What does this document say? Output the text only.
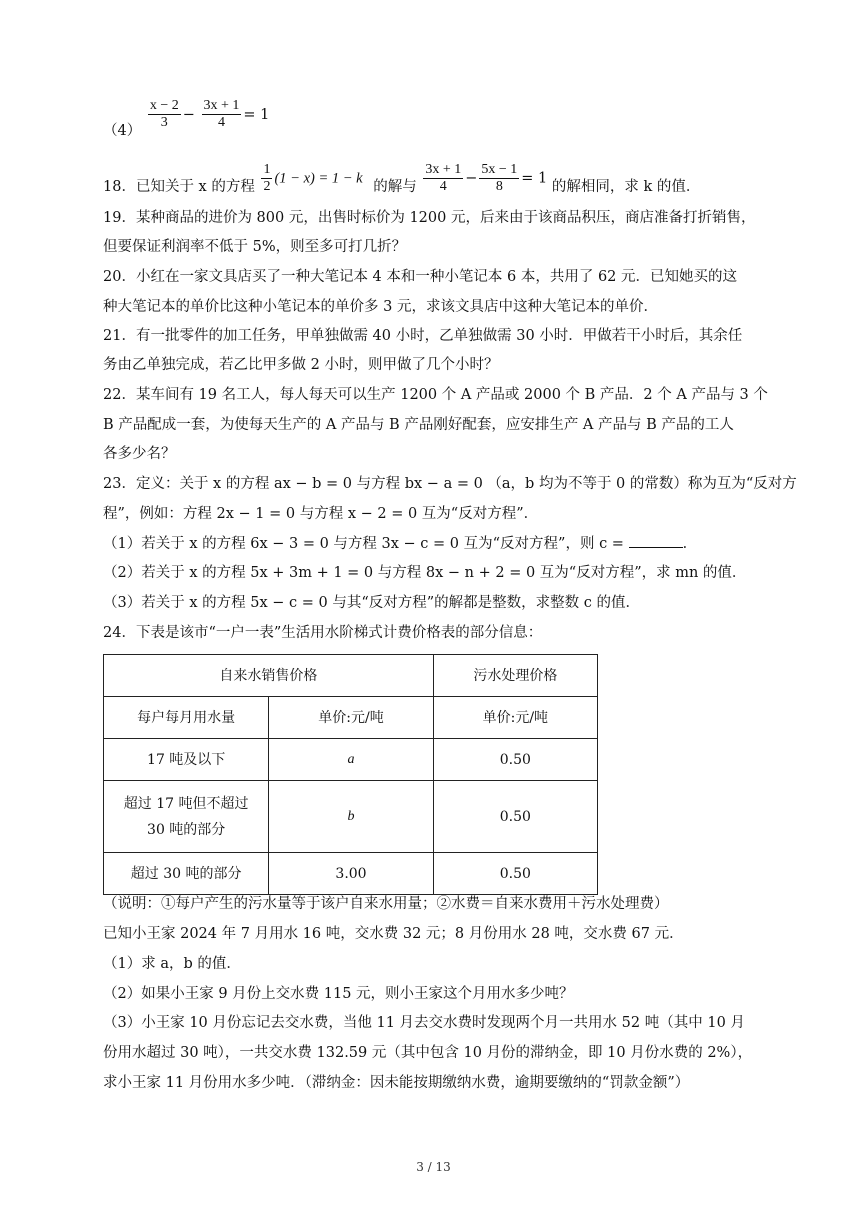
$(4) \frac{x - 2}{3} - \frac{3x + 1}{4} = 1$
18．已知关于 x 的方程 $\frac{1}{2} (1 - x) = 1 - k$ 的解与 $\frac{3x + 1}{4} - \frac{5x - 1}{8} = 1$ 的解相同，求 k 的值．
19．某种商品的进价为 800 元，出售时标价为 1200 元，后来由于该商品积压，商店准备打折销售，
但要保证利润率不低于 5%，则至多可打几折？
20．小红在一家文具店买了一种大笔记本 4 本和一种小笔记本 6 本，共用了 62 元．已知她买的这
种大笔记本的单价比这种小笔记本的单价多 3 元，求该文具店中这种大笔记本的单价．
21．有一批零件的加工任务，甲单独做需 40 小时，乙单独做需 30 小时．甲做若干小时后，其余任
务由乙单独完成，若乙比甲多做 2 小时，则甲做了几个小时？
22．某车间有 19 名工人，每人每天可以生产 1200 个 A 产品或 2000 个 B 产品．2 个 A 产品与 3 个
B 产品配成一套，为使每天生产的 A 产品与 B 产品刚好配套，应安排生产 A 产品与 B 产品的工人
各多少名？
23．定义：关于 x 的方程 ax − b = 0 与方程 bx − a = 0 （a，b 均为不等于 0 的常数）称为互为“反对方
程”，例如：方程 2x − 1 = 0 与方程 x − 2 = 0 互为“反对方程”．
（1）若关于 x 的方程 6x − 3 = 0 与方程 3x − c = 0 互为“反对方程”，则 c =	．
（2）若关于 x 的方程 5x + 3m + 1 = 0 与方程 8x − n + 2 = 0 互为“反对方程”，求 mn 的值．
（3）若关于 x 的方程 5x − c = 0 与其“反对方程”的解都是整数，求整数 c 的值．
24．下表是该市“一户一表”生活用水阶梯式计费价格表的部分信息：
自来水销售价格		污水处理价格
每户每月用水量	单价:元/吨	单价:元/吨
17 吨及以下	a	0.50

超过 17 吨但不超过
30 吨的部分	b	0.50
超过 30 吨的部分	3.00	0.50
（说明：①每户产生的污水量等于该户自来水用量；②水费＝自来水费用＋污水处理费）
已知小王家 2024 年 7 月用水 16 吨，交水费 32 元；8 月份用水 28 吨，交水费 67 元．
（1）求 a，b 的值．
（2）如果小王家 9 月份上交水费 115 元，则小王家这个月用水多少吨？
（3）小王家 10 月份忘记去交水费，当他 11 月去交水费时发现两个月一共用水 52 吨（其中 10 月
份用水超过 30 吨），一共交水费 132.59 元（其中包含 10 月份的滞纳金，即 10 月份水费的 2%），
求小王家 11 月份用水多少吨．（滞纳金：因未能按期缴纳水费，逾期要缴纳的“罚款金额”）
3 / 13
